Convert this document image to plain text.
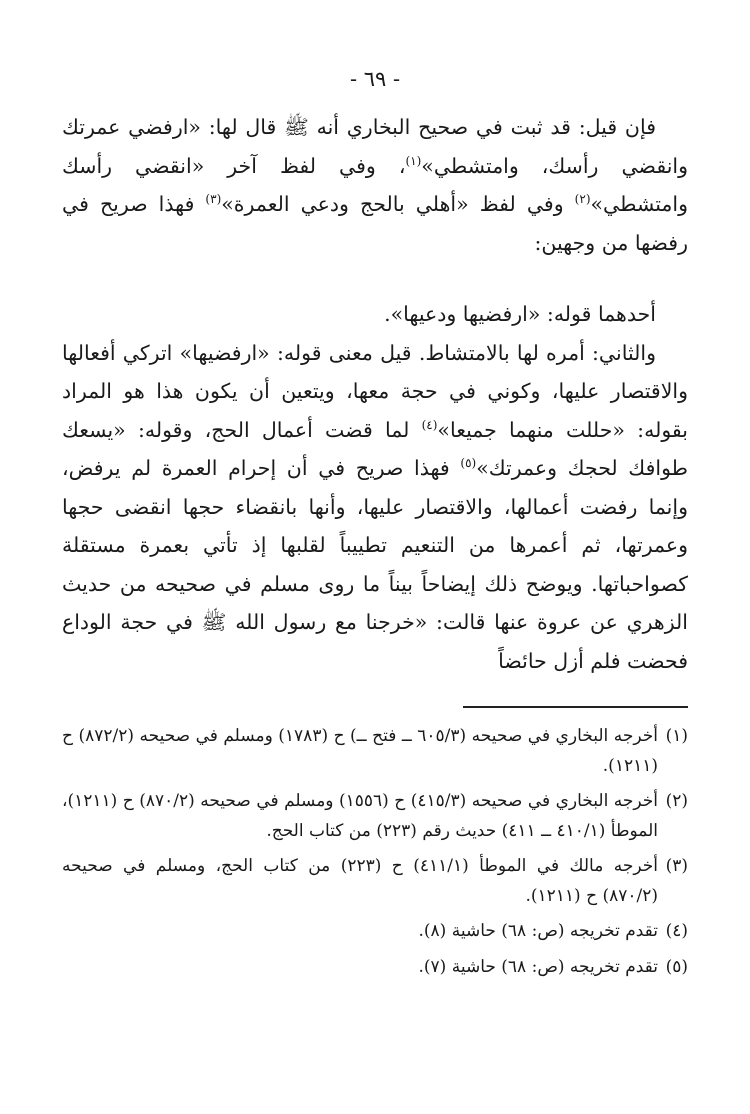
- ٦٩ -

فإن قيل: قد ثبت في صحيح البخاري أنه ﷺ قال لها: «ارفضي عمرتك وانقضي رأسك، وامتشطي»$^{(١)}$، وفي لفظ آخر «انقضي رأسك وامتشطي»$^{(٢)}$ وفي لفظ «أهلي بالحج ودعي العمرة»$^{(٣)}$ فهذا صريح في رفضها من وجهين:

أحدهما قوله: «ارفضيها ودعيها».

والثاني: أمره لها بالامتشاط. قيل معنى قوله: «ارفضيها» اتركي أفعالها والاقتصار عليها، وكوني في حجة معها، ويتعين أن يكون هذا هو المراد بقوله: «حللت منهما جميعا»$^{(٤)}$ لما قضت أعمال الحج، وقوله: «يسعك طوافك لحجك وعمرتك»$^{(٥)}$ فهذا صريح في أن إحرام العمرة لم يرفض، وإنما رفضت أعمالها، والاقتصار عليها، وأنها بانقضاء حجها انقضى حجها وعمرتها، ثم أعمرها من التنعيم تطييباً لقلبها إذ تأتي بعمرة مستقلة كصواحباتها. ويوضح ذلك إيضاحاً بيناً ما روى مسلم في صحيحه من حديث الزهري عن عروة عنها قالت: «خرجنا مع رسول الله ﷺ في حجة الوداع فحضت فلم أزل حائضاً

(١)
أخرجه البخاري في صحيحه (٦٠٥/٣ ــ فتح ــ) ح (١٧٨٣) ومسلم في صحيحه (٨٧٢/٢) ح (١٢١١).
(٢)
أخرجه البخاري في صحيحه (٤١٥/٣) ح (١٥٥٦) ومسلم في صحيحه (٨٧٠/٢) ح (١٢١١)، الموطأ (٤١٠/١ ــ ٤١١) حديث رقم (٢٢٣) من كتاب الحج.
(٣)
أخرجه مالك في الموطأ (٤١١/١) ح (٢٢٣) من كتاب الحج، ومسلم في صحيحه (٨٧٠/٢) ح (١٢١١).
(٤)
تقدم تخريجه (ص: ٦٨) حاشية (٨).
(٥)
تقدم تخريجه (ص: ٦٨) حاشية (٧).
